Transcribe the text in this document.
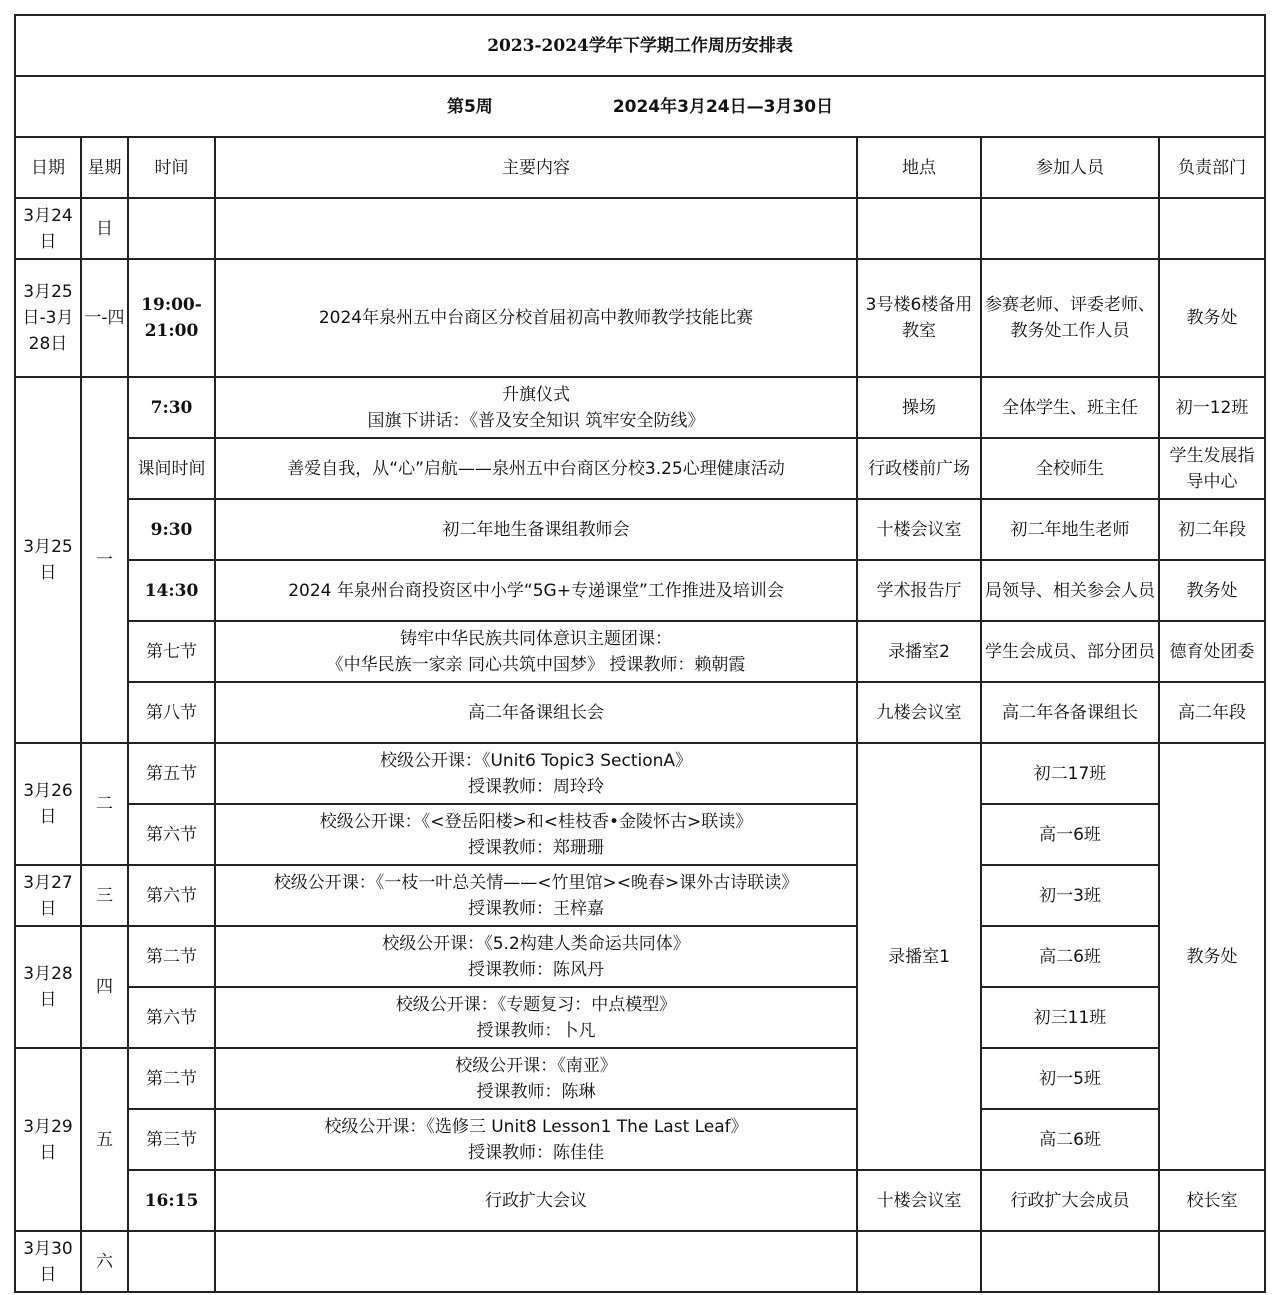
2023-2024学年下学期工作周历安排表						
第5周 2024年3月24日—3月30日						
日期	星期	时间	主要内容	地点	参加人员	负责部门
3月24日	日					
3月25日-3月28日	一-四	19:00-21:00	2024年泉州五中台商区分校首届初高中教师教学技能比赛	3号楼6楼备用教室	参赛老师、评委老师、教务处工作人员	教务处
3月25日	一	7:30	升旗仪式
国旗下讲话：《普及安全知识 筑牢安全防线》	操场	全体学生、班主任	初一12班
		课间时间	善爱自我，从“心”启航——泉州五中台商区分校3.25心理健康活动	行政楼前广场	全校师生	学生发展指导中心
		9:30	初二年地生备课组教师会	十楼会议室	初二年地生老师	初二年段
		14:30	2024 年泉州台商投资区中小学“5G+专递课堂”工作推进及培训会	学术报告厅	局领导、相关参会人员	教务处
		第七节	铸牢中华民族共同体意识主题团课：
《中华民族一家亲 同心共筑中国梦》 授课教师：赖朝霞	录播室2	学生会成员、部分团员	德育处团委
		第八节	高二年备课组长会	九楼会议室	高二年各备课组长	高二年段
3月26日	二	第五节	校级公开课：《Unit6 Topic3 SectionA》
授课教师：周玲玲	录播室1	初二17班	教务处
		第六节	校级公开课：《<登岳阳楼>和<桂枝香•金陵怀古>联读》
授课教师：郑珊珊		高一6班	
3月27日	三	第六节	校级公开课：《一枝一叶总关情——<竹里馆><晚春>课外古诗联读》
授课教师：王梓嘉		初一3班	
3月28日	四	第二节	校级公开课：《5.2构建人类命运共同体》
授课教师：陈风丹		高二6班	
		第六节	校级公开课：《专题复习：中点模型》
授课教师：卜凡		初三11班	
3月29日	五	第二节	校级公开课：《南亚》
授课教师：陈琳		初一5班	
		第三节	校级公开课：《选修三 Unit8 Lesson1 The Last Leaf》
授课教师：陈佳佳		高二6班	
		16:15	行政扩大会议	十楼会议室	行政扩大会成员	校长室
3月30日	六					
